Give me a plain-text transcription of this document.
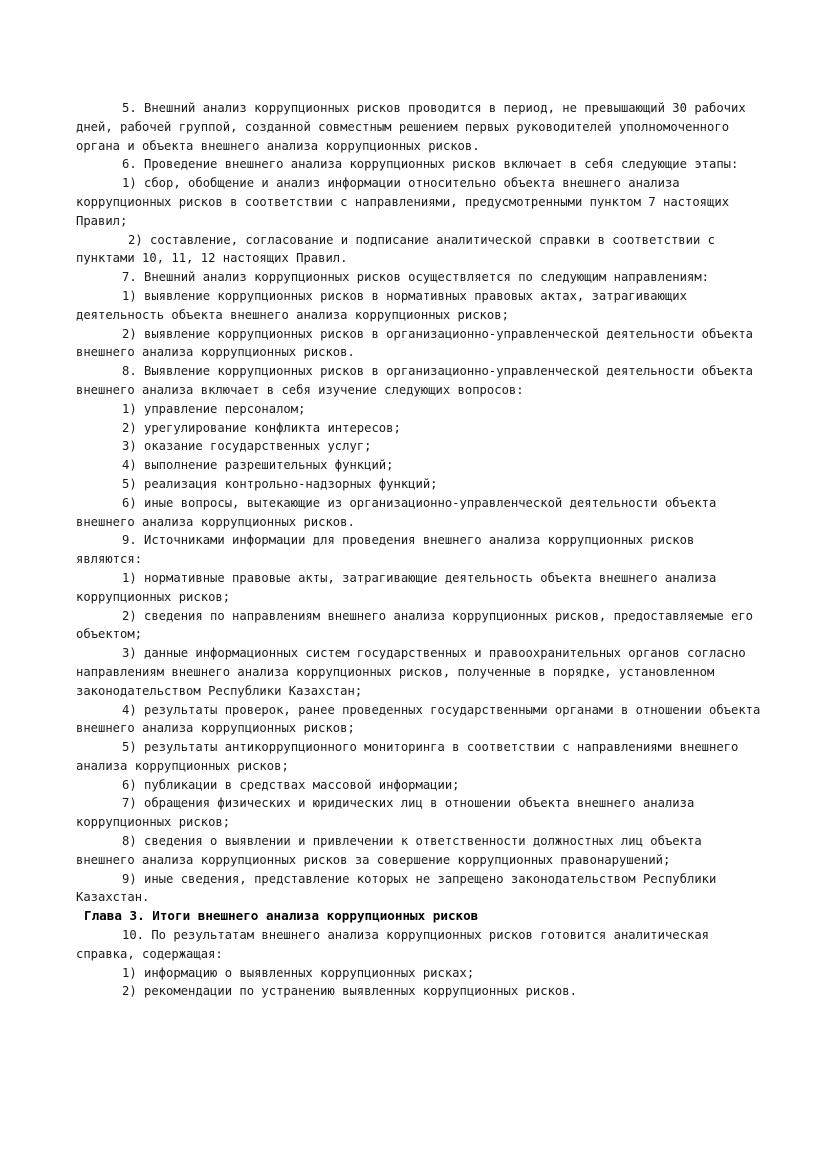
5. Внешний анализ коррупционных рисков проводится в период, не превышающий 30 рабочих дней, рабочей группой, созданной совместным решением первых руководителей уполномоченного органа и объекта внешнего анализа коррупционных рисков.

6. Проведение внешнего анализа коррупционных рисков включает в себя следующие этапы:

1) сбор, обобщение и анализ информации относительно объекта внешнего анализа коррупционных рисков в соответствии с направлениями, предусмотренными пунктом 7 настоящих Правил;

2) составление, согласование и подписание аналитической справки в соответствии с пунктами 10, 11, 12 настоящих Правил.

7. Внешний анализ коррупционных рисков осуществляется по следующим направлениям:

1) выявление коррупционных рисков в нормативных правовых актах, затрагивающих деятельность объекта внешнего анализа коррупционных рисков;

2) выявление коррупционных рисков в организационно-управленческой деятельности объекта внешнего анализа коррупционных рисков.

8. Выявление коррупционных рисков в организационно-управленческой деятельности объекта внешнего анализа включает в себя изучение следующих вопросов:

1) управление персоналом;

2) урегулирование конфликта интересов;

3) оказание государственных услуг;

4) выполнение разрешительных функций;

5) реализация контрольно-надзорных функций;

6) иные вопросы, вытекающие из организационно-управленческой деятельности объекта внешнего анализа коррупционных рисков.

9. Источниками информации для проведения внешнего анализа коррупционных рисков являются:

1) нормативные правовые акты, затрагивающие деятельность объекта внешнего анализа коррупционных рисков;

2) сведения по направлениям внешнего анализа коррупционных рисков, предоставляемые его объектом;

3) данные информационных систем государственных и правоохранительных органов согласно направлениям внешнего анализа коррупционных рисков, полученные в порядке, установленном законодательством Республики Казахстан;

4) результаты проверок, ранее проведенных государственными органами в отношении объекта внешнего анализа коррупционных рисков;

5) результаты антикоррупционного мониторинга в соответствии с направлениями внешнего анализа коррупционных рисков;

6) публикации в средствах массовой информации;

7) обращения физических и юридических лиц в отношении объекта внешнего анализа коррупционных рисков;

8) сведения о выявлении и привлечении к ответственности должностных лиц объекта внешнего анализа коррупционных рисков за совершение коррупционных правонарушений;

9) иные сведения, представление которых не запрещено законодательством Республики Казахстан.

Глава 3. Итоги внешнего анализа коррупционных рисков

10. По результатам внешнего анализа коррупционных рисков готовится аналитическая справка, содержащая:

1) информацию о выявленных коррупционных рисках;

2) рекомендации по устранению выявленных коррупционных рисков.
